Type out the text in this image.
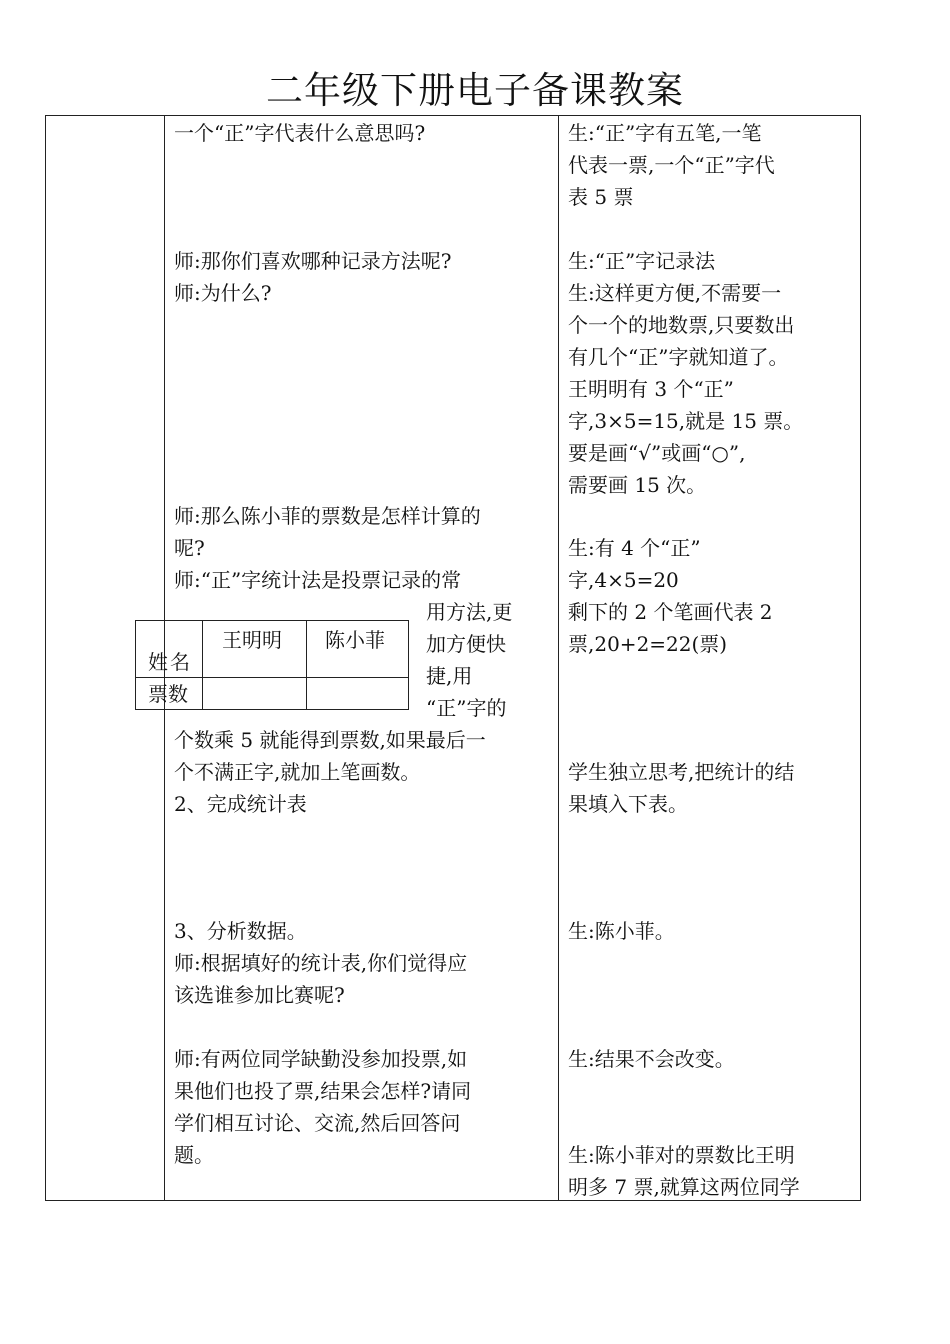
二年级下册电子备课教案
一个“正”字代表什么意思吗?
师:那你们喜欢哪种记录方法呢?
师:为什么?
师:那么陈小菲的票数是怎样计算的
呢?
师:“正”字统计法是投票记录的常
用方法,更
加方便快
捷,用
“正”字的
个数乘 5 就能得到票数,如果最后一
个不满正字,就加上笔画数。
2、完成统计表
3、分析数据。
师:根据填好的统计表,你们觉得应
该选谁参加比赛呢?
师:有两位同学缺勤没参加投票,如
果他们也投了票,结果会怎样?请同
学们相互讨论、交流,然后回答问
题。
生:“正”字有五笔,一笔
代表一票,一个“正”字代
表 5 票
生:“正”字记录法
生:这样更方便,不需要一
个一个的地数票,只要数出
有几个“正”字就知道了。
王明明有 3 个“正”
字,3×5=15,就是 15 票。
要是画“√”或画“○”,
需要画 15 次。
生:有 4 个“正”
字,4×5=20
剩下的 2 个笔画代表 2
票,20+2=22(票)
学生独立思考,把统计的结
果填入下表。
生:陈小菲。
生:结果不会改变。
生:陈小菲对的票数比王明
明多 7 票,就算这两位同学
姓 名
王明明 陈小菲
票数
